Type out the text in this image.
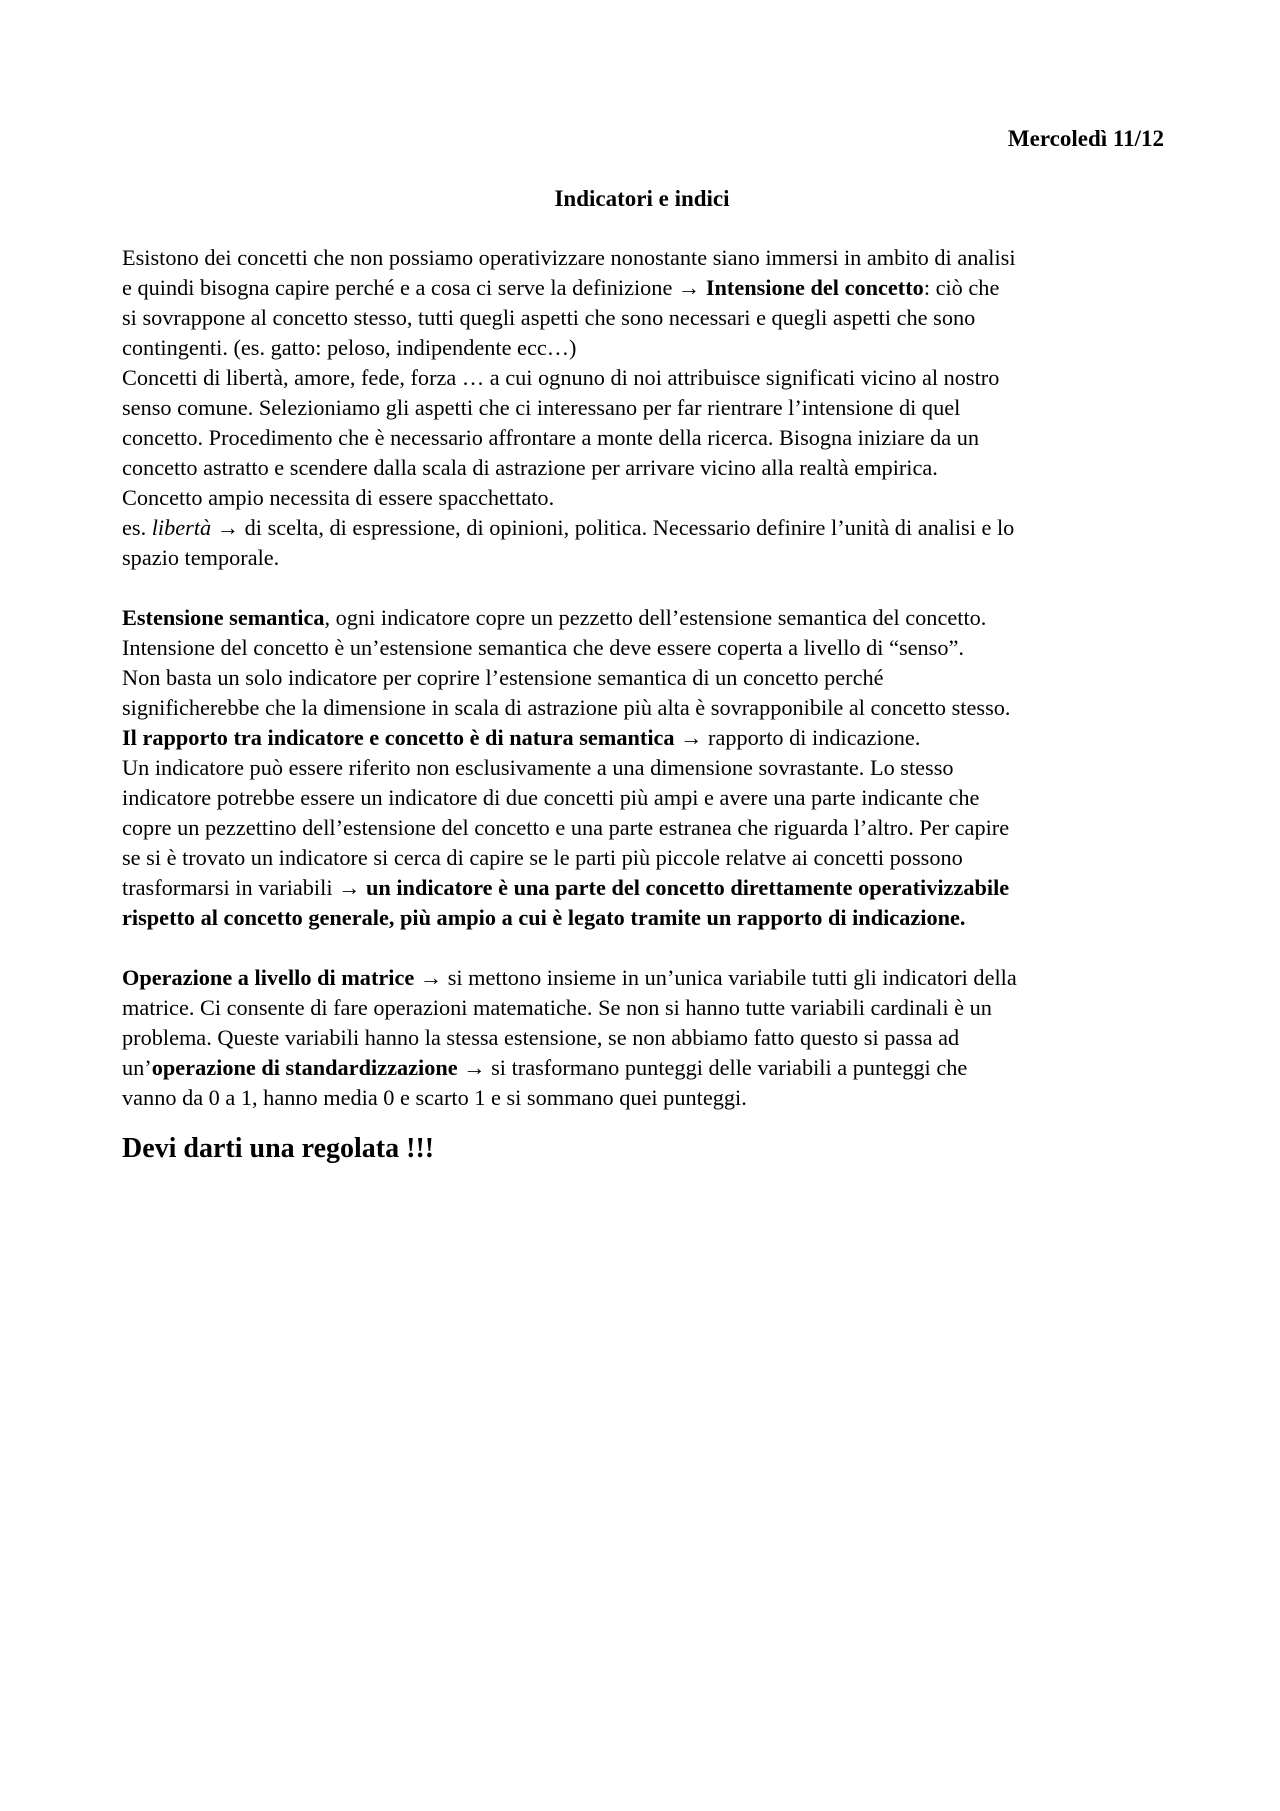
Mercoledì 11/12
Indicatori e indici
Esistono dei concetti che non possiamo operativizzare nonostante siano immersi in ambito di analisi
e quindi bisogna capire perché e a cosa ci serve la definizione → Intensione del concetto: ciò che
si sovrappone al concetto stesso, tutti quegli aspetti che sono necessari e quegli aspetti che sono
contingenti. (es. gatto: peloso, indipendente ecc…)
Concetti di libertà, amore, fede, forza … a cui ognuno di noi attribuisce significati vicino al nostro
senso comune. Selezioniamo gli aspetti che ci interessano per far rientrare l’intensione di quel
concetto. Procedimento che è necessario affrontare a monte della ricerca. Bisogna iniziare da un
concetto astratto e scendere dalla scala di astrazione per arrivare vicino alla realtà empirica.
Concetto ampio necessita di essere spacchettato.
es. libertà → di scelta, di espressione, di opinioni, politica. Necessario definire l’unità di analisi e lo
spazio temporale.
Estensione semantica, ogni indicatore copre un pezzetto dell’estensione semantica del concetto.
Intensione del concetto è un’estensione semantica che deve essere coperta a livello di “senso”.
Non basta un solo indicatore per coprire l’estensione semantica di un concetto perché
significherebbe che la dimensione in scala di astrazione più alta è sovrapponibile al concetto stesso.
Il rapporto tra indicatore e concetto è di natura semantica → rapporto di indicazione.
Un indicatore può essere riferito non esclusivamente a una dimensione sovrastante. Lo stesso
indicatore potrebbe essere un indicatore di due concetti più ampi e avere una parte indicante che
copre un pezzettino dell’estensione del concetto e una parte estranea che riguarda l’altro. Per capire
se si è trovato un indicatore si cerca di capire se le parti più piccole relatve ai concetti possono
trasformarsi in variabili → un indicatore è una parte del concetto direttamente operativizzabile
rispetto al concetto generale, più ampio a cui è legato tramite un rapporto di indicazione.
Operazione a livello di matrice → si mettono insieme in un’unica variabile tutti gli indicatori della
matrice. Ci consente di fare operazioni matematiche. Se non si hanno tutte variabili cardinali è un
problema. Queste variabili hanno la stessa estensione, se non abbiamo fatto questo si passa ad
un’operazione di standardizzazione → si trasformano punteggi delle variabili a punteggi che
vanno da 0 a 1, hanno media 0 e scarto 1 e si sommano quei punteggi.
Devi darti una regolata !!!
